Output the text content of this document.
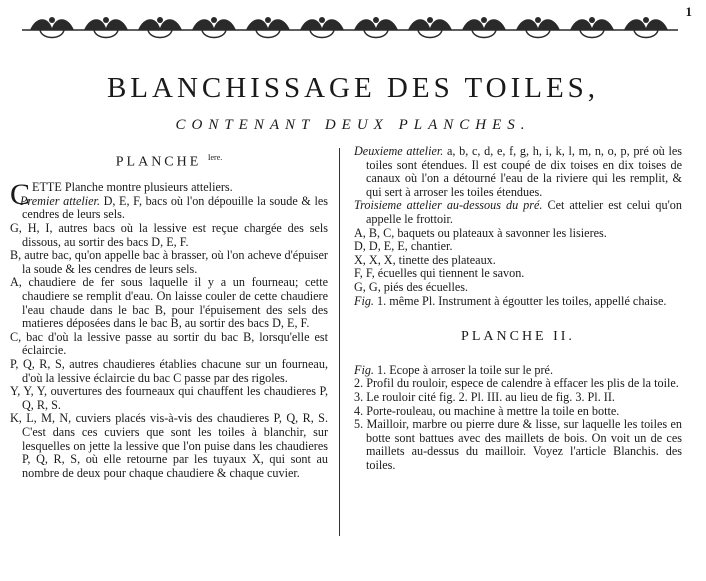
1
BLANCHISSAGE DES TOILES,
CONTENANT DEUX PLANCHES.
PLANCHE $^{Iere.}$

CETTE Planche montre plusieurs atteliers.

Premier attelier. D, E, F, bacs où l'on dépouille la soude & les cendres de leurs sels.

G, H, I, autres bacs où la lessive est reçue chargée des sels dissous, au sortir des bacs D, E, F.

B, autre bac, qu'on appelle bac à brasser, où l'on acheve d'épuiser la soude & les cendres de leurs sels.

A, chaudiere de fer sous laquelle il y a un fourneau; cette chaudiere se remplit d'eau. On laisse couler de cette chaudiere l'eau chaude dans le bac B, pour l'épuisement des sels des matieres déposées dans le bac B, au sortir des bacs D, E, F.

C, bac d'où la lessive passe au sortir du bac B, lorsqu'elle est éclaircie.

P, Q, R, S, autres chaudieres établies chacune sur un fourneau, d'où la lessive éclaircie du bac C passe par des rigoles.

Y, Y, Y, ouvertures des fourneaux qui chauffent les chaudieres P, Q, R, S.

K, L, M, N, cuviers placés vis-à-vis des chaudieres P, Q, R, S. C'est dans ces cuviers que sont les toiles à blanchir, sur lesquelles on jette la lessive que l'on puise dans les chaudieres P, Q, R, S, où elle retourne par les tuyaux X, qui sont au nombre de deux pour chaque chaudiere & chaque cuvier.

Deuxieme attelier. a, b, c, d, e, f, g, h, i, k, l, m, n, o, p, pré où les toiles sont étendues. Il est coupé de dix toises en dix toises de canaux où l'on a détourné l'eau de la riviere qui les remplit, & qui sert à arroser les toiles étendues.

Troisieme attelier au-dessous du pré. Cet attelier est celui qu'on appelle le frottoir.

A, B, C, baquets ou plateaux à savonner les lisieres.

D, D, E, E, chantier.

X, X, X, tinette des plateaux.

F, F, écuelles qui tiennent le savon.

G, G, piés des écuelles.

Fig. 1. même Pl. Instrument à égoutter les toiles, appellé chaise.

PLANCHE II.

Fig. 1. Ecope à arroser la toile sur le pré.

2. Profil du rouloir, espece de calendre à effacer les plis de la toile.

3. Le rouloir cité fig. 2. Pl. III. au lieu de fig. 3. Pl. II.

4. Porte-rouleau, ou machine à mettre la toile en botte.

5. Mailloir, marbre ou pierre dure & lisse, sur laquelle les toiles en botte sont battues avec des maillets de bois. On voit un de ces maillets au-dessus du mailloir. Voyez l'article Blanchis. des toiles.
